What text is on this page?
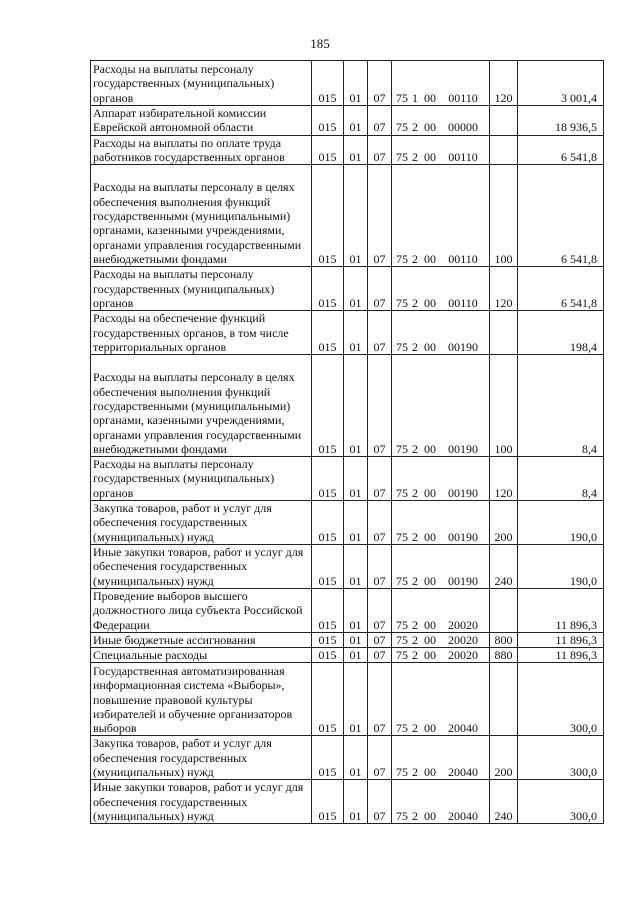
185
Расходы на выплаты персоналу государственных (муниципальных) органов	015	01	07	75 1 00 00110	120	3 001,4
Аппарат избирательной комиссии Еврейской автономной области	015	01	07	75 2 00 00000		18 936,5
Расходы на выплаты по оплате труда работников государственных органов	015	01	07	75 2 00 00110		6 541,8
Расходы на выплаты персоналу в целях обеспечения выполнения функций государственными (муниципальными) органами, казенными учреждениями, органами управления государственными внебюджетными фондами	015	01	07	75 2 00 00110	100	6 541,8
Расходы на выплаты персоналу государственных (муниципальных) органов	015	01	07	75 2 00 00110	120	6 541,8
Расходы на обеспечение функций государственных органов, в том числе территориальных органов	015	01	07	75 2 00 00190		198,4
Расходы на выплаты персоналу в целях обеспечения выполнения функций государственными (муниципальными) органами, казенными учреждениями, органами управления государственными внебюджетными фондами	015	01	07	75 2 00 00190	100	8,4
Расходы на выплаты персоналу государственных (муниципальных) органов	015	01	07	75 2 00 00190	120	8,4
Закупка товаров, работ и услуг для обеспечения государственных (муниципальных) нужд	015	01	07	75 2 00 00190	200	190,0
Иные закупки товаров, работ и услуг для обеспечения государственных (муниципальных) нужд	015	01	07	75 2 00 00190	240	190,0
Проведение выборов высшего должностного лица субъекта Российской Федерации	015	01	07	75 2 00 20020		11 896,3
Иные бюджетные ассигнования	015	01	07	75 2 00 20020	800	11 896,3
Специальные расходы	015	01	07	75 2 00 20020	880	11 896,3
Государственная автоматизированная информационная система «Выборы», повышение правовой культуры избирателей и обучение организаторов выборов	015	01	07	75 2 00 20040		300,0
Закупка товаров, работ и услуг для обеспечения государственных (муниципальных) нужд	015	01	07	75 2 00 20040	200	300,0
Иные закупки товаров, работ и услуг для обеспечения государственных (муниципальных) нужд	015	01	07	75 2 00 20040	240	300,0
